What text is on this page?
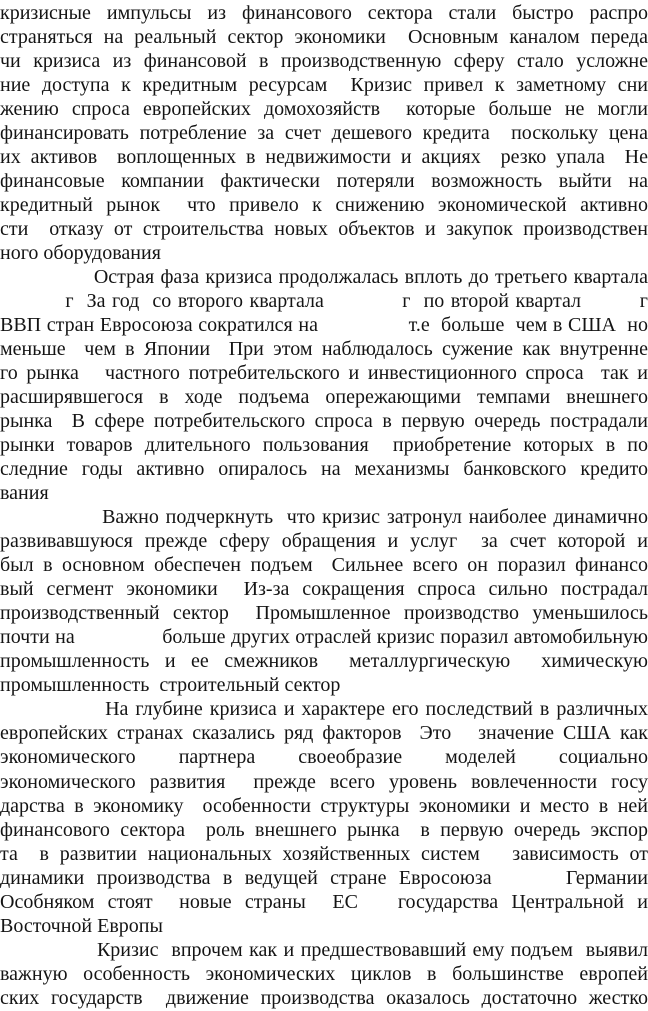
кризисные импульсы из финансового сектора стали быстро распро
страняться на реальный сектор экономики  Основным каналом переда
чи кризиса из финансовой в производственную сферу стало усложне
ние доступа к кредитным ресурсам  Кризис привел к заметному сни
жению спроса европейских домохозяйств  которые больше не могли
финансировать потребление за счет дешевого кредита  поскольку цена
их активов  воплощенных в недвижимости и акциях  резко упала  Не
финансовые компании фактически потеряли возможность выйти на
кредитный рынок  что привело к снижению экономической активно
сти  отказу от строительства новых объектов и закупок производствен
ного оборудования
Острая фаза кризиса продолжалась вплоть до третьего квартала
г  За год  со второго квартала            г  по второй квартал         г
ВВП стран Евросоюза сократился на                т.е  больше  чем в США  но
меньше  чем в Японии  При этом наблюдалось сужение как внутренне
го рынка   частного потребительского и инвестиционного спроса  так и
расширявшегося в ходе подъема опережающими темпами внешнего
рынка  В сфере потребительского спроса в первую очередь пострадали
рынки товаров длительного пользования  приобретение которых в по
следние годы активно опиралось на механизмы банковского кредито
вания
Важно подчеркнуть  что кризис затронул наиболее динамично
развивавшуюся прежде сферу обращения и услуг  за счет которой и
был в основном обеспечен подъем  Сильнее всего он поразил финансо
вый сегмент экономики  Из-за сокращения спроса сильно пострадал
производственный сектор  Промышленное производство уменьшилось
почти на                больше других отраслей кризис поразил автомобильную
промышленность и ее смежников  металлургическую  химическую
промышленность  строительный сектор
На глубине кризиса и характере его последствий в различных
европейских странах сказались ряд факторов  Это   значение США как
экономического   партнера   своеобразие   моделей   социально
экономического развития  прежде всего уровень вовлеченности госу
дарства в экономику  особенности структуры экономики и место в ней
финансового сектора  роль внешнего рынка  в первую очередь экспор
та  в развитии национальных хозяйственных систем   зависимость от
динамики производства в ведущей стране Евросоюза      Германии
Особняком стоят  новые страны  ЕС   государства Центральной и
Восточной Европы
Кризис  впрочем как и предшествовавший ему подъем  выявил
важную особенность экономических циклов в большинстве европей
ских государств  движение производства оказалось достаточно жестко
